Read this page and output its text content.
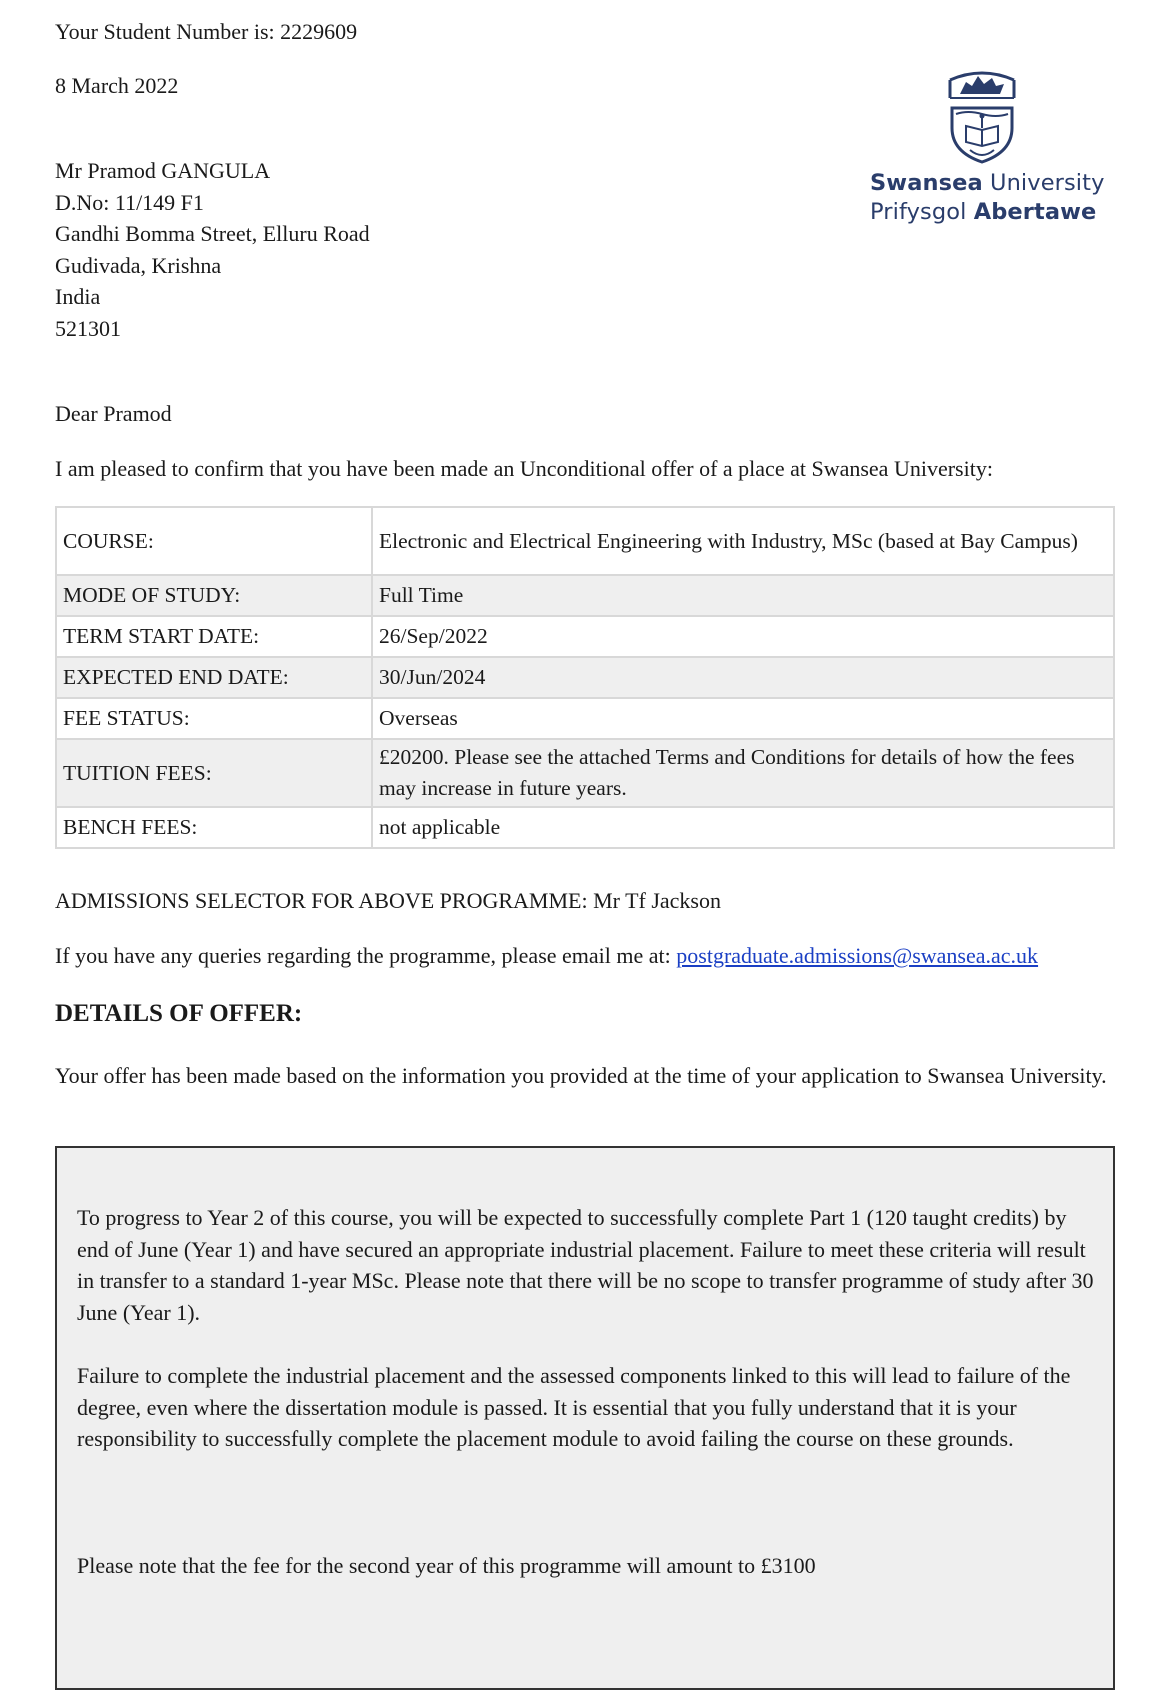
Your Student Number is: 2229609
8 March 2022
Mr Pramod GANGULA
D.No: 11/149 F1
Gandhi Bomma Street, Elluru Road
Gudivada, Krishna
India
521301
Swansea University
Prifysgol Abertawe
Dear Pramod
I am pleased to confirm that you have been made an Unconditional offer of a place at Swansea University:
COURSE:	Electronic and Electrical Engineering with Industry, MSc (based at Bay Campus)
MODE OF STUDY:	Full Time
TERM START DATE:	26/Sep/2022
EXPECTED END DATE:	30/Jun/2024
FEE STATUS:	Overseas
TUITION FEES:	£20200. Please see the attached Terms and Conditions for details of how the fees may increase in future years.
BENCH FEES:	not applicable
ADMISSIONS SELECTOR FOR ABOVE PROGRAMME: Mr Tf Jackson
If you have any queries regarding the programme, please email me at: postgraduate.admissions@swansea.ac.uk
DETAILS OF OFFER:
Your offer has been made based on the information you provided at the time of your application to Swansea University.

To progress to Year 2 of this course, you will be expected to successfully complete Part 1 (120 taught credits) by end of June (Year 1) and have secured an appropriate industrial placement. Failure to meet these criteria will result in transfer to a standard 1-year MSc. Please note that there will be no scope to transfer programme of study after 30 June (Year 1).

Failure to complete the industrial placement and the assessed components linked to this will lead to failure of the degree, even where the dissertation module is passed. It is essential that you fully understand that it is your responsibility to successfully complete the placement module to avoid failing the course on these grounds.

Please note that the fee for the second year of this programme will amount to £3100
